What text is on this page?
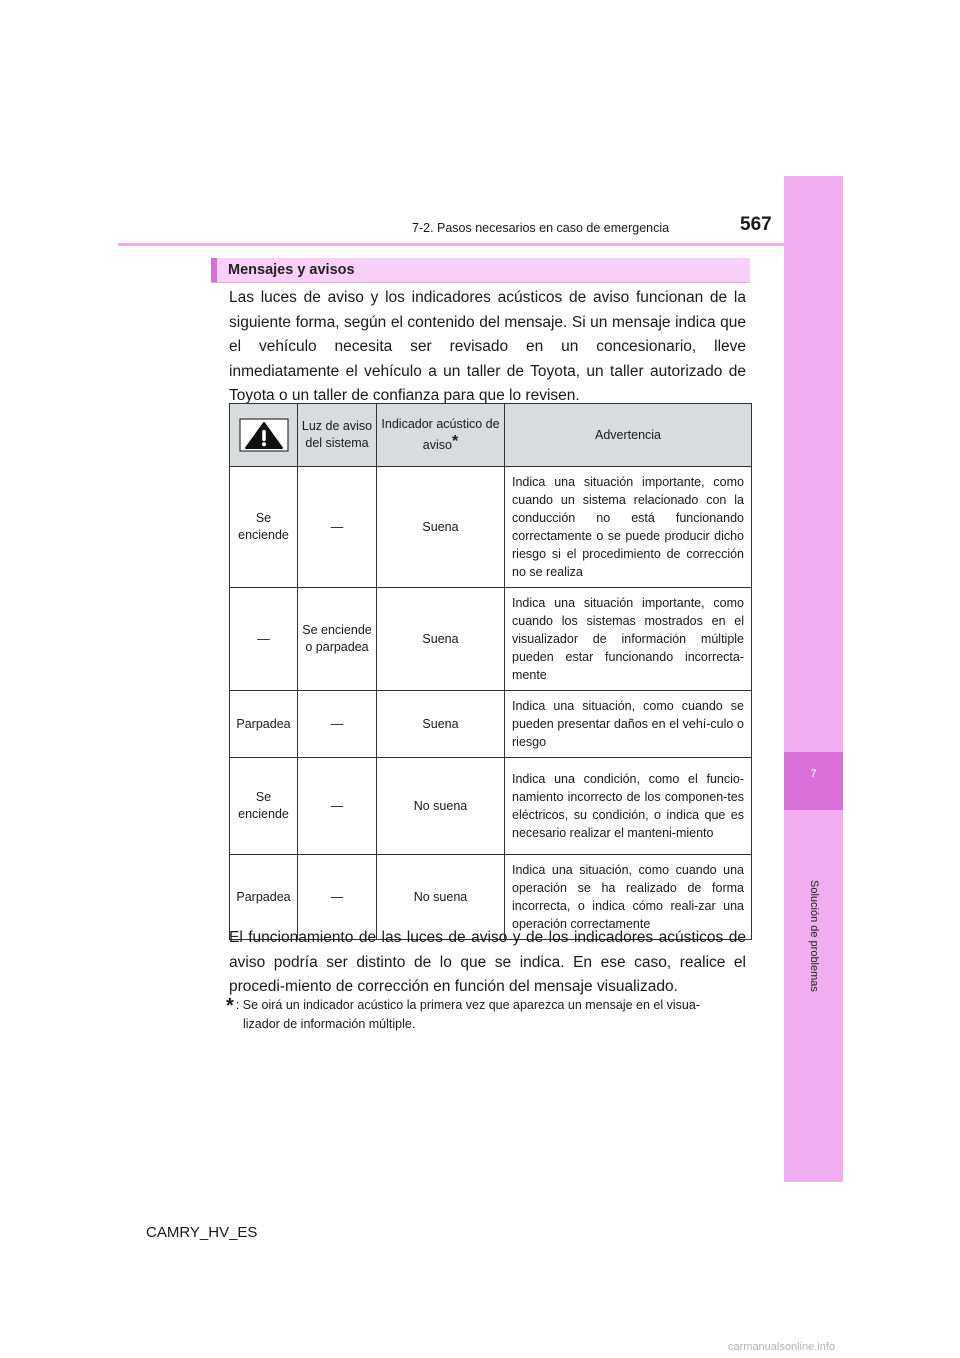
7
Solución de problemas
7-2. Pasos necesarios en caso de emergencia	567
Mensajes y avisos
Las luces de aviso y los indicadores acústicos de aviso funcionan de la siguiente forma, según el contenido del mensaje. Si un mensaje indica que el vehículo necesita ser revisado en un concesionario, lleve inmediatamente el vehículo a un taller de Toyota, un taller autorizado de Toyota o un taller de confianza para que lo revisen.
	Luz de aviso del sistema	Indicador acústico de aviso*	Advertencia
Se enciende	—	Suena	Indica una situación importante, como cuando un sistema relacionado con la conducción no está funcionando correctamente o se puede producir dicho riesgo si el procedimiento de corrección no se realiza
—	Se enciende o parpadea	Suena	Indica una situación importante, como cuando los sistemas mostrados en el visualizador de información múltiple pueden estar funcionando incorrecta-mente
Parpadea	—	Suena	Indica una situación, como cuando se pueden presentar daños en el vehí-culo o riesgo
Se enciende	—	No suena	Indica una condición, como el funcio-namiento incorrecto de los componen-tes eléctricos, su condición, o indica que es necesario realizar el manteni-miento
Parpadea	—	No suena	Indica una situación, como cuando una operación se ha realizado de forma incorrecta, o indica cómo reali-zar una operación correctamente
El funcionamiento de las luces de aviso y de los indicadores acústicos de aviso podría ser distinto de lo que se indica. En ese caso, realice el procedi-miento de corrección en función del mensaje visualizado.
* : Se oirá un indicador acústico la primera vez que aparezca un mensaje en el visua-
lizador de información múltiple.
CAMRY_HV_ES
carmanualsonline.info
